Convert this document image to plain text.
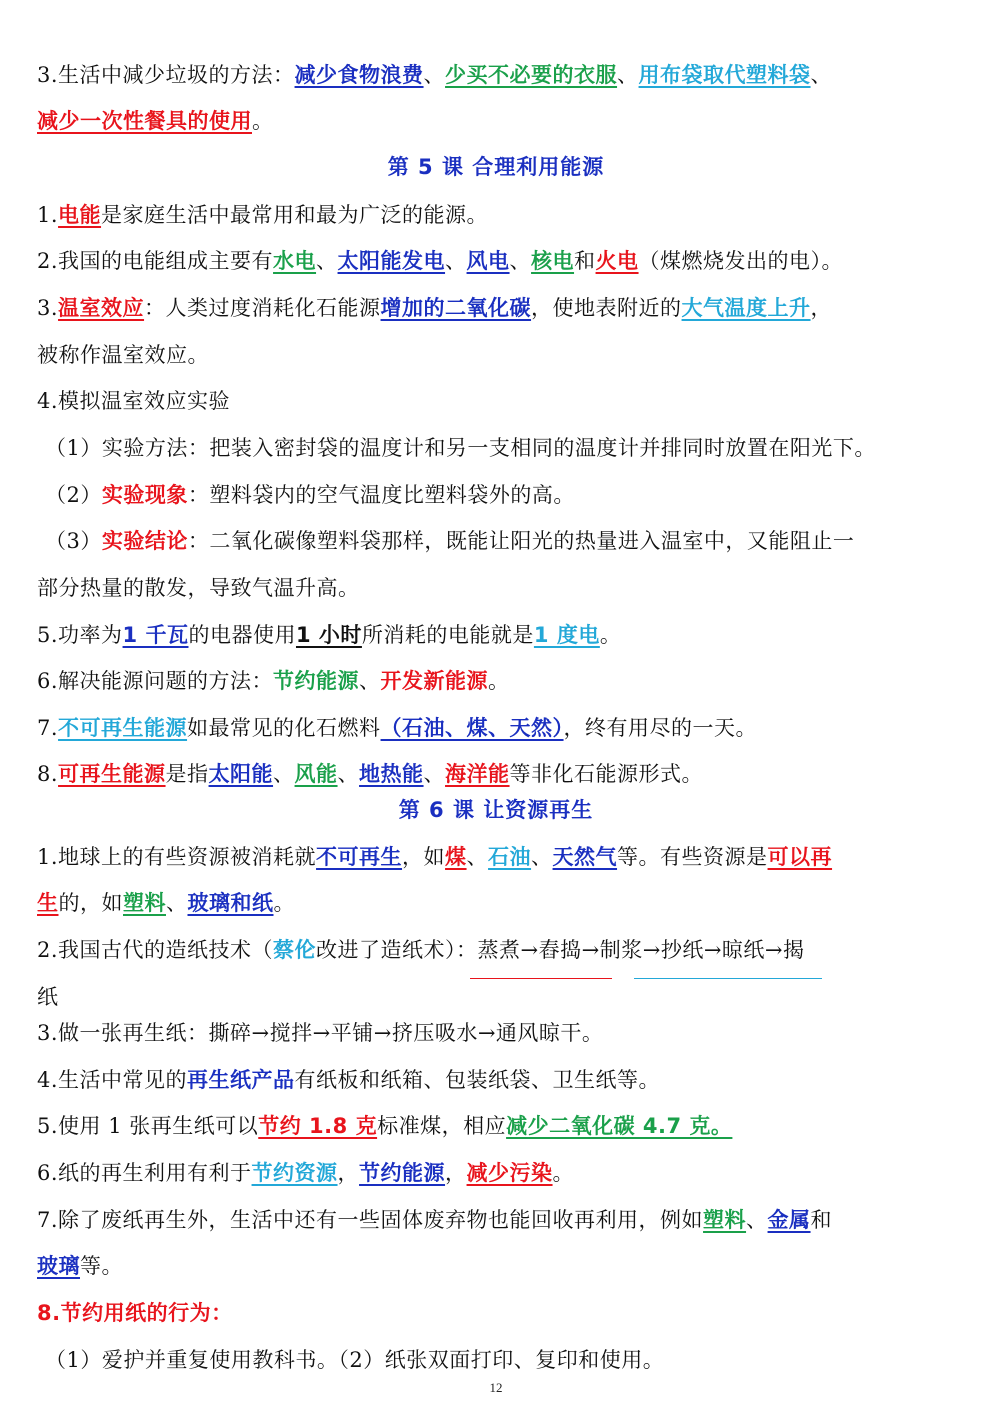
3.生活中减少垃圾的方法：减少食物浪费、少买不必要的衣服、用布袋取代塑料袋、
减少一次性餐具的使用。
第 5 课 合理利用能源
1.电能是家庭生活中最常用和最为广泛的能源。
2.我国的电能组成主要有水电、太阳能发电、风电、核电和火电（煤燃烧发出的电）。
3.温室效应：人类过度消耗化石能源增加的二氧化碳，使地表附近的大气温度上升，
被称作温室效应。
4.模拟温室效应实验
（1）实验方法：把装入密封袋的温度计和另一支相同的温度计并排同时放置在阳光下。
（2）实验现象：塑料袋内的空气温度比塑料袋外的高。
（3）实验结论：二氧化碳像塑料袋那样，既能让阳光的热量进入温室中，又能阻止一
部分热量的散发，导致气温升高。
5.功率为1 千瓦的电器使用1 小时所消耗的电能就是1 度电。
6.解决能源问题的方法：节约能源、开发新能源。
7.不可再生能源如最常见的化石燃料（石油、煤、天然），终有用尽的一天。
8.可再生能源是指太阳能、风能、地热能、海洋能等非化石能源形式。
第 6 课 让资源再生
1.地球上的有些资源被消耗就不可再生，如煤、石油、天然气等。有些资源是可以再
生的，如塑料、玻璃和纸。
2.我国古代的造纸技术（蔡伦改进了造纸术）：蒸煮→舂捣→制浆→抄纸→晾纸→揭
纸
3.做一张再生纸：撕碎→搅拌→平铺→挤压吸水→通风晾干。
4.生活中常见的再生纸产品有纸板和纸箱、包装纸袋、卫生纸等。
5.使用 1 张再生纸可以节约 1.8 克标准煤，相应减少二氧化碳 4.7 克。
6.纸的再生利用有利于节约资源，节约能源，减少污染。
7.除了废纸再生外，生活中还有一些固体废弃物也能回收再利用，例如塑料、金属和
玻璃等。
8.节约用纸的行为：
（1）爱护并重复使用教科书。（2）纸张双面打印、复印和使用。
12
